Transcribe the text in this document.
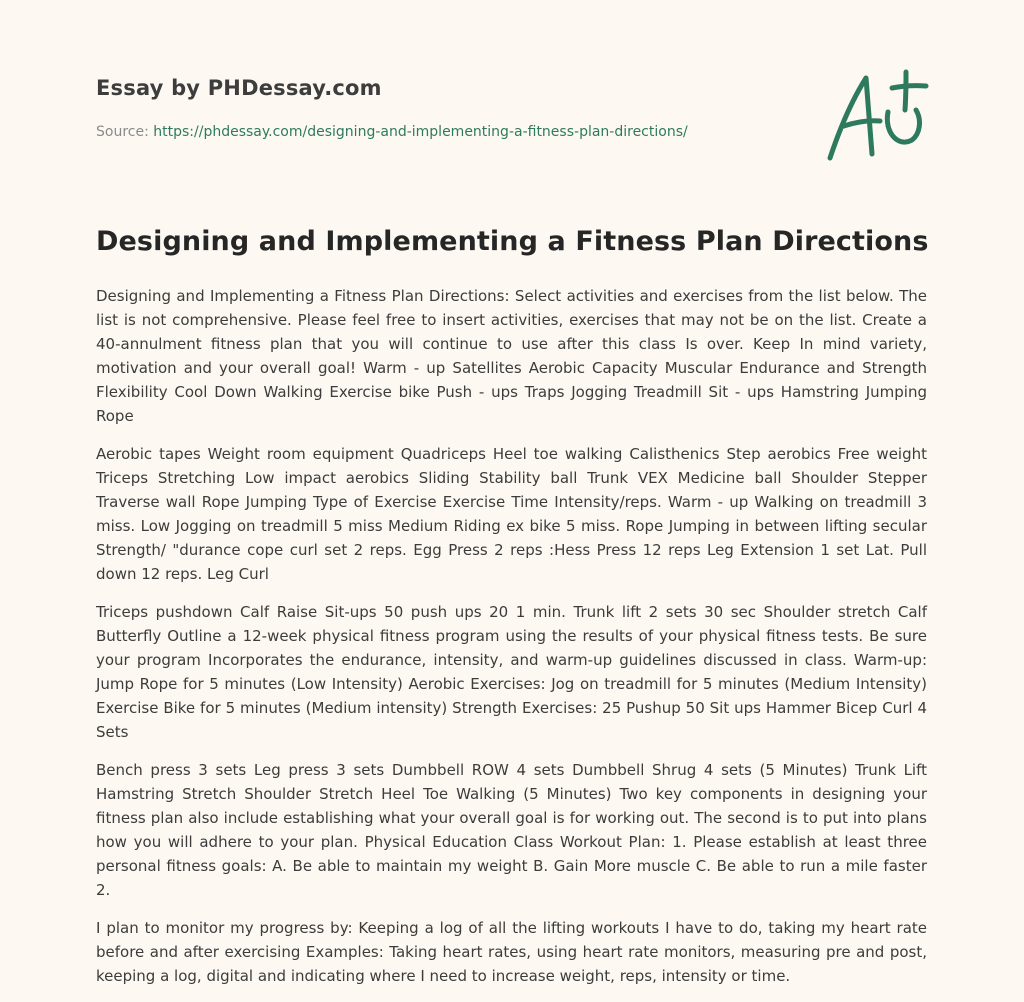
Essay by PHDessay.com
Source: https://phdessay.com/designing-and-implementing-a-fitness-plan-directions/
Designing and Implementing a Fitness Plan Directions

Designing and Implementing a Fitness Plan Directions: Select activities and exercises from the list below. The list is not comprehensive. Please feel free to insert activities, exercises that may not be on the list. Create a 40-annulment fitness plan that you will continue to use after this class Is over. Keep In mind variety, motivation and your overall goal! Warm - up Satellites Aerobic Capacity Muscular Endurance and Strength Flexibility Cool Down Walking Exercise bike Push - ups Traps Jogging Treadmill Sit - ups Hamstring Jumping Rope

Aerobic tapes Weight room equipment Quadriceps Heel toe walking Calisthenics Step aerobics Free weight Triceps Stretching Low impact aerobics Sliding Stability ball Trunk VEX Medicine ball Shoulder Stepper Traverse wall Rope Jumping Type of Exercise Exercise Time Intensity/reps. Warm - up Walking on treadmill 3 miss. Low Jogging on treadmill 5 miss Medium Riding ex bike 5 miss. Rope Jumping in between lifting secular Strength/ "durance cope curl set 2 reps. Egg Press 2 reps :Hess Press 12 reps Leg Extension 1 set Lat. Pull down 12 reps. Leg Curl

Triceps pushdown Calf Raise Sit-ups 50 push ups 20 1 min. Trunk lift 2 sets 30 sec Shoulder stretch Calf Butterfly Outline a 12-week physical fitness program using the results of your physical fitness tests. Be sure your program Incorporates the endurance, intensity, and warm-up guidelines discussed in class. Warm-up: Jump Rope for 5 minutes (Low Intensity) Aerobic Exercises: Jog on treadmill for 5 minutes (Medium Intensity) Exercise Bike for 5 minutes (Medium intensity) Strength Exercises: 25 Pushup 50 Sit ups Hammer Bicep Curl 4 Sets

Bench press 3 sets Leg press 3 sets Dumbbell ROW 4 sets Dumbbell Shrug 4 sets (5 Minutes) Trunk Lift Hamstring Stretch Shoulder Stretch Heel Toe Walking (5 Minutes) Two key components in designing your fitness plan also include establishing what your overall goal is for working out. The second is to put into plans how you will adhere to your plan. Physical Education Class Workout Plan: 1. Please establish at least three personal fitness goals: A. Be able to maintain my weight B. Gain More muscle C. Be able to run a mile faster 2.

I plan to monitor my progress by: Keeping a log of all the lifting workouts I have to do, taking my heart rate before and after exercising Examples: Taking heart rates, using heart rate monitors, measuring pre and post, keeping a log, digital and indicating where I need to increase weight, reps, intensity or time.
